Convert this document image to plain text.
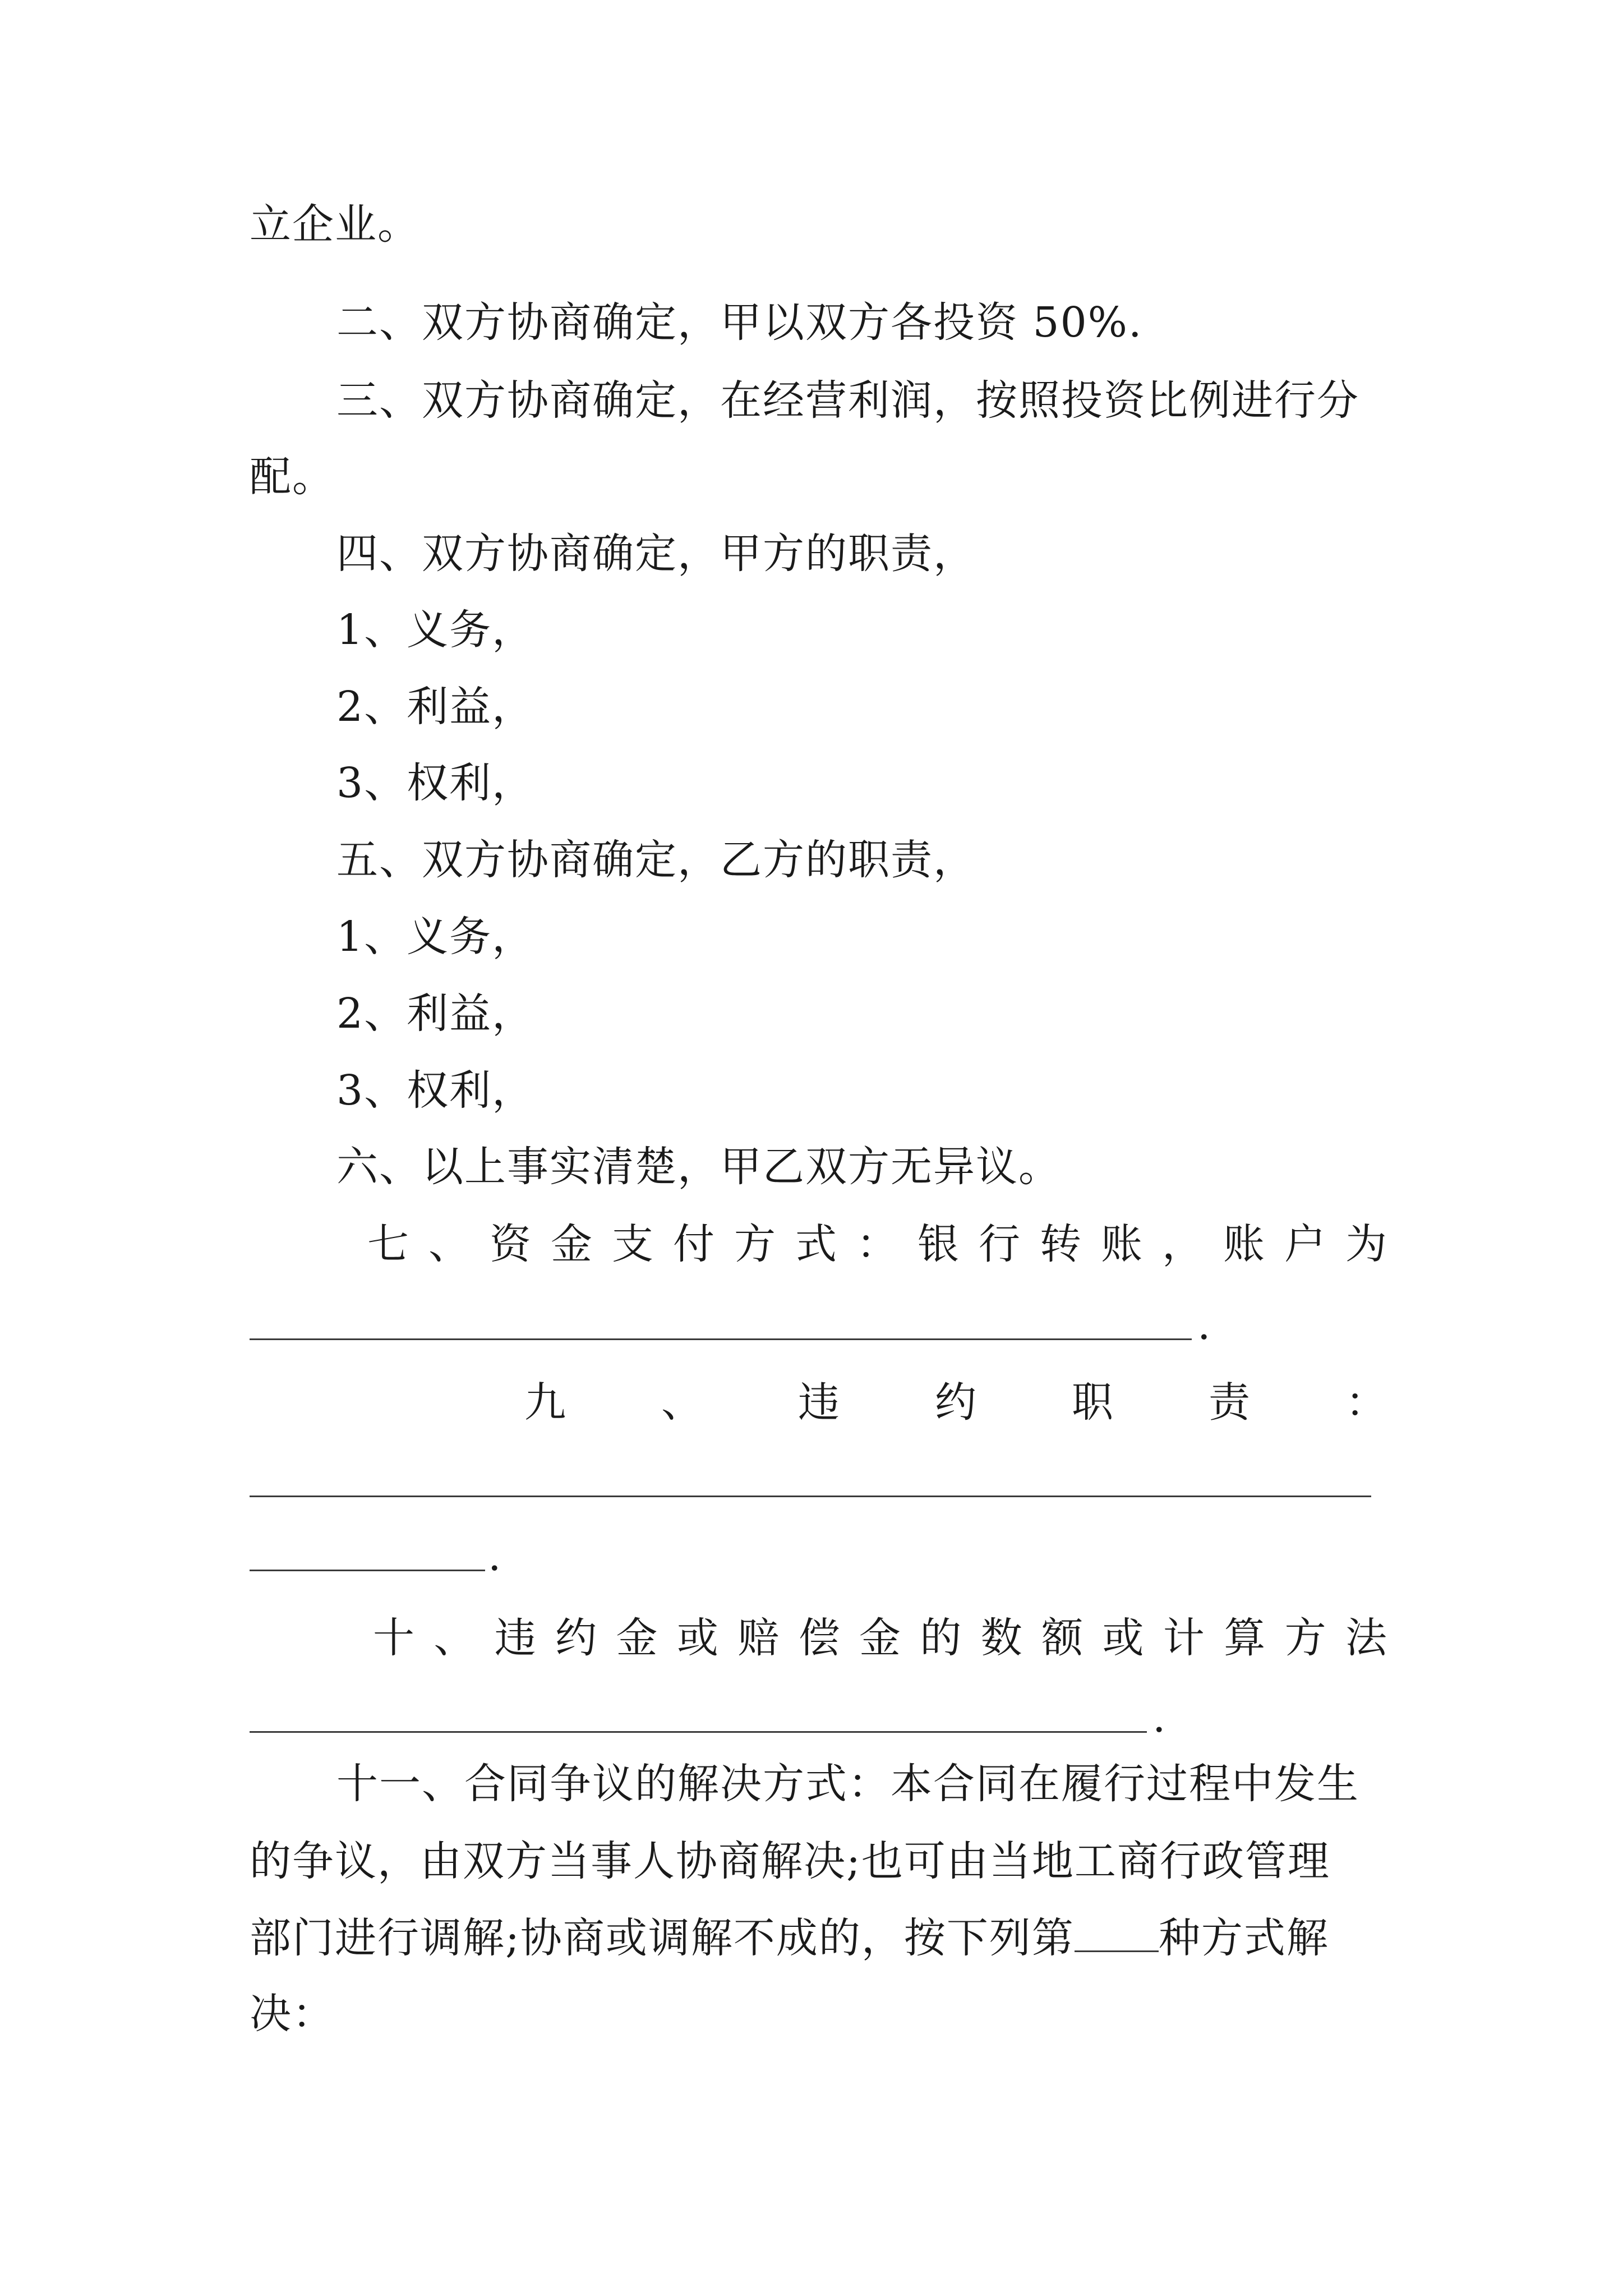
立企业。
二、双方协商确定，甲以双方各投资 50%.
三、双方协商确定，在经营利润，按照投资比例进行分
配。
四、双方协商确定，甲方的职责，
1、义务，
2、利益，
3、权利，
五、双方协商确定，乙方的职责，
1、义务，
2、利益，
3、权利，
六、以上事实清楚，甲乙双方无异议。
七 、 资 金 支 付 方 式 ： 银 行 转 账 ， 账 户 为
.
九 、 违 约 职 责 ：
.
十 、 违 约 金 或 赔 偿 金 的 数 额 或 计 算 方 法
.
十一、合同争议的解决方式：本合同在履行过程中发生
的争议，由双方当事人协商解决;也可由当地工商行政管理
部门进行调解;协商或调解不成的，按下列第 种方式解
决：
